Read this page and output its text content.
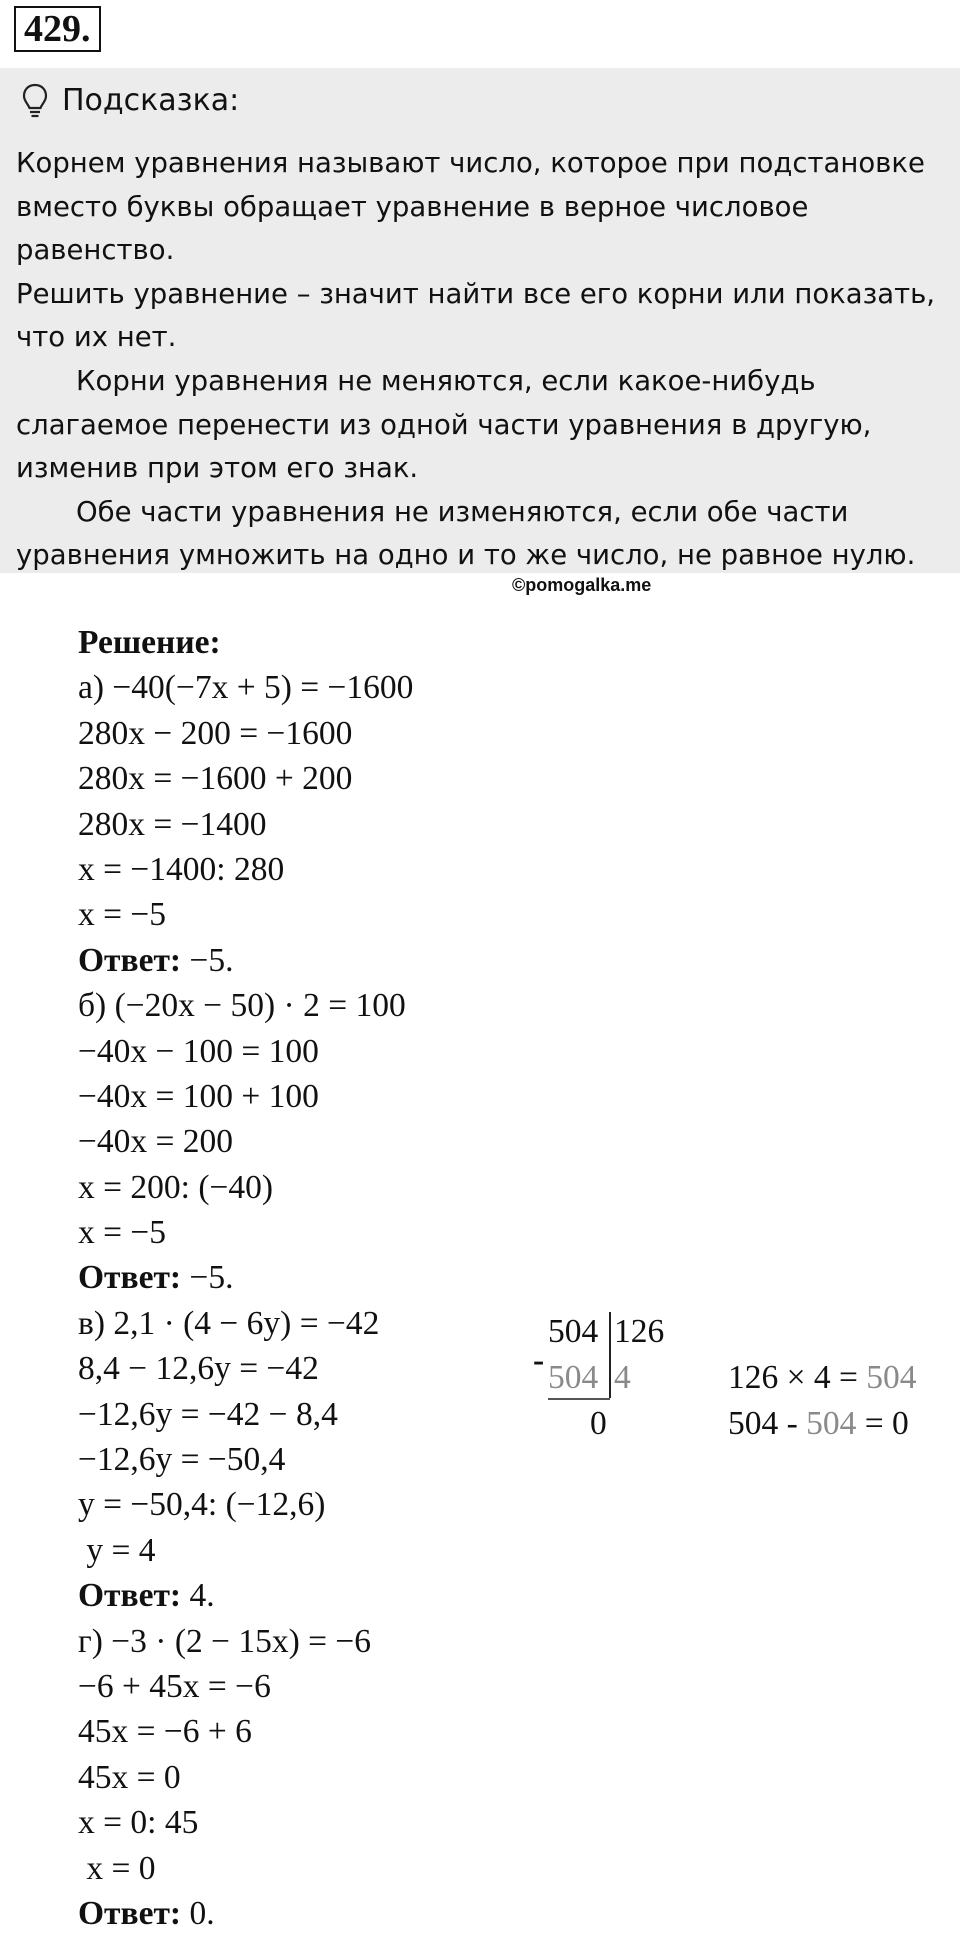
429.
Подсказка:

Корнем уравнения называют число, которое при подстановке вместо буквы обращает уравнение в верное числовое равенство.

Решить уравнение – значит найти все его корни или показать, что их нет.

Корни уравнения не меняются, если какое-нибудь слагаемое перенести из одной части уравнения в другую, изменив при этом его знак.

Обе части уравнения не изменяются, если обе части уравнения умножить на одно и то же число, не равное нулю.

©pomogalka.me
Решение:
а) −40(−7x + 5) = −1600
280x − 200 = −1600
280x = −1600 + 200
280x = −1400
x = −1400: 280
x = −5
Ответ: −5.
б) (−20x − 50) · 2 = 100
−40x − 100 = 100
−40x = 100 + 100
−40x = 200
x = 200: (−40)
x = −5
Ответ: −5.
в) 2,1 · (4 − 6y) = −42
8,4 − 12,6y = −42
−12,6y = −42 − 8,4
−12,6y = −50,4
y = −50,4: (−12,6)
y = 4
Ответ: 4.
г) −3 · (2 − 15x) = −6
−6 + 45x = −6
45x = −6 + 6
45x = 0
x = 0: 45
x = 0
Ответ: 0.
504 126
- 504 4
0
126 × 4 = 504
504 - 504 = 0
